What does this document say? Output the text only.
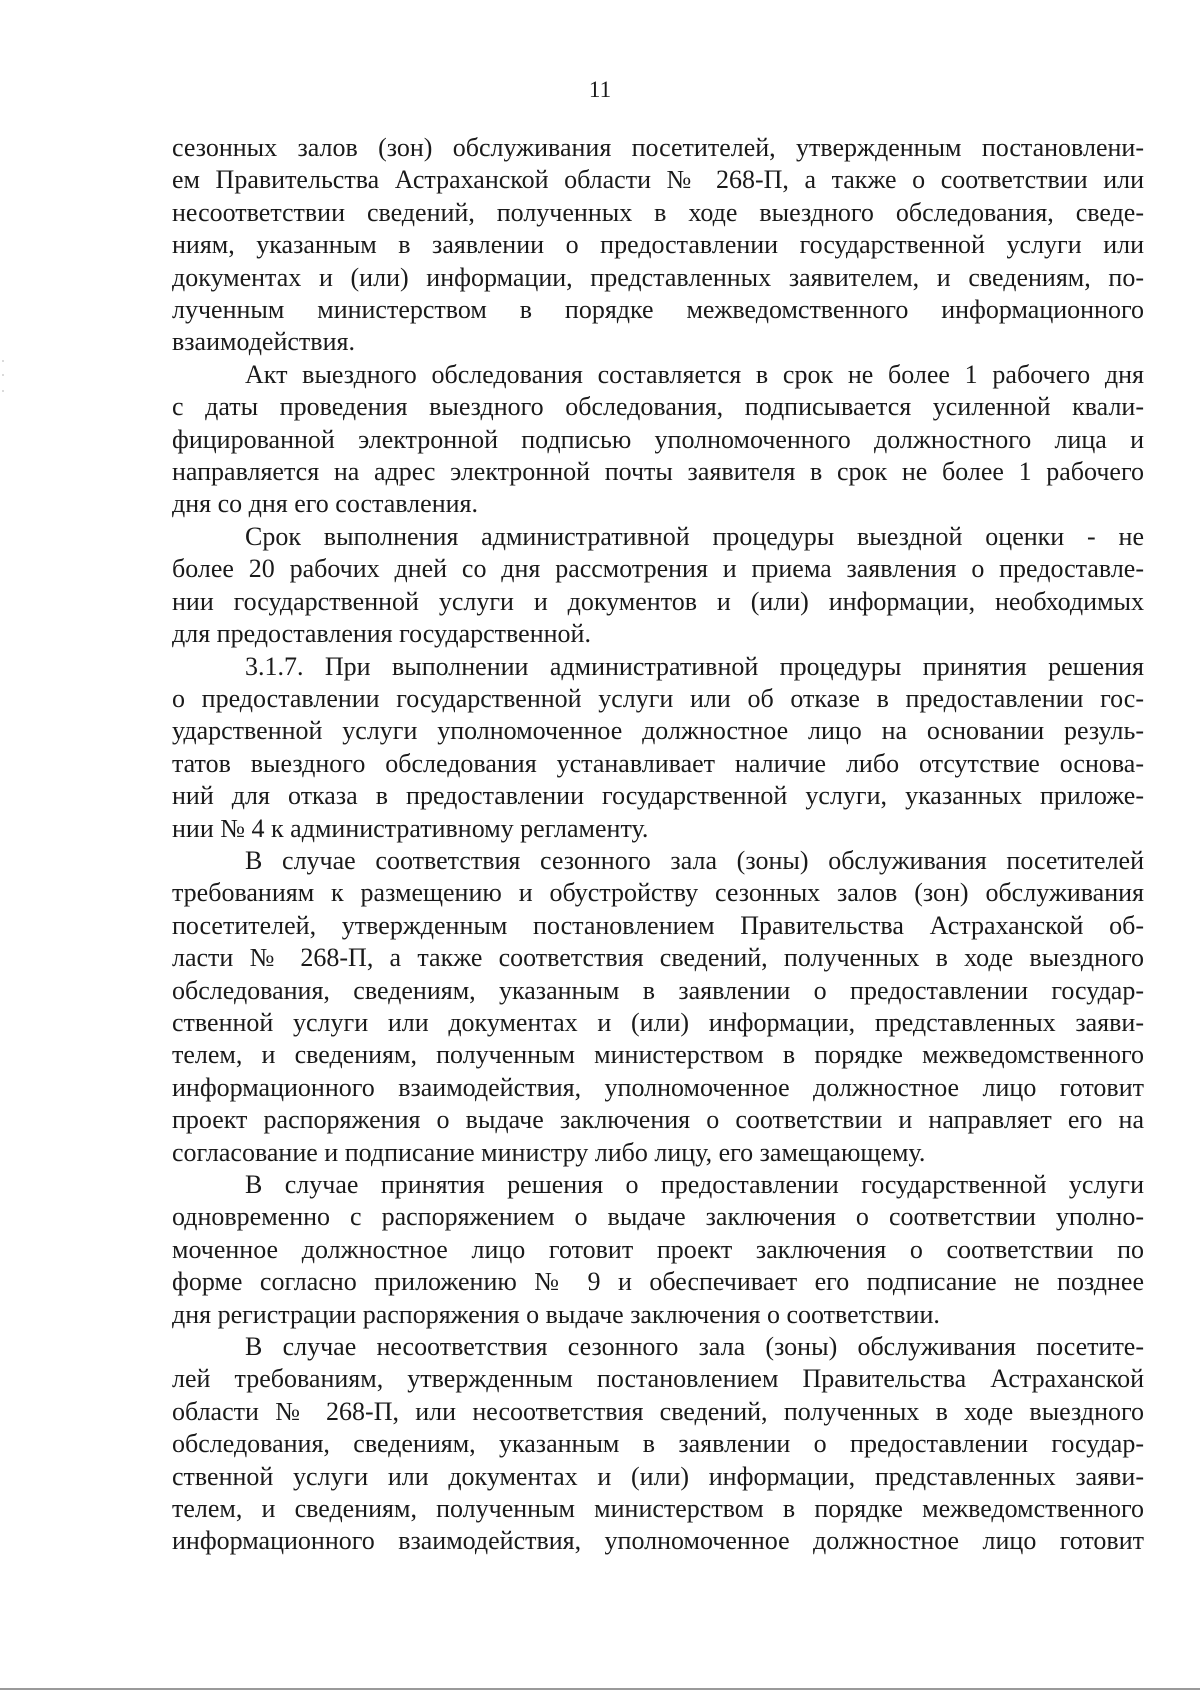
11
сезонных залов (зон) обслуживания посетителей, утвержденным постановлени-
ем Правительства Астраханской области № 268-П, а также о соответствии или
несоответствии сведений, полученных в ходе выездного обследования, сведе-
ниям, указанным в заявлении о предоставлении государственной услуги или
документах и (или) информации, представленных заявителем, и сведениям, по-
лученным министерством в порядке межведомственного информационного
взаимодействия.
Акт выездного обследования составляется в срок не более 1 рабочего дня
с даты проведения выездного обследования, подписывается усиленной квали-
фицированной электронной подписью уполномоченного должностного лица и
направляется на адрес электронной почты заявителя в срок не более 1 рабочего
дня со дня его составления.
Срок выполнения административной процедуры выездной оценки - не
более 20 рабочих дней со дня рассмотрения и приема заявления о предоставле-
нии государственной услуги и документов и (или) информации, необходимых
для предоставления государственной.
3.1.7. При выполнении административной процедуры принятия решения
о предоставлении государственной услуги или об отказе в предоставлении гос-
ударственной услуги уполномоченное должностное лицо на основании резуль-
татов выездного обследования устанавливает наличие либо отсутствие основа-
ний для отказа в предоставлении государственной услуги, указанных приложе-
нии № 4 к административному регламенту.
В случае соответствия сезонного зала (зоны) обслуживания посетителей
требованиям к размещению и обустройству сезонных залов (зон) обслуживания
посетителей, утвержденным постановлением Правительства Астраханской об-
ласти № 268-П, а также соответствия сведений, полученных в ходе выездного
обследования, сведениям, указанным в заявлении о предоставлении государ-
ственной услуги или документах и (или) информации, представленных заяви-
телем, и сведениям, полученным министерством в порядке межведомственного
информационного взаимодействия, уполномоченное должностное лицо готовит
проект распоряжения о выдаче заключения о соответствии и направляет его на
согласование и подписание министру либо лицу, его замещающему.
В случае принятия решения о предоставлении государственной услуги
одновременно с распоряжением о выдаче заключения о соответствии уполно-
моченное должностное лицо готовит проект заключения о соответствии по
форме согласно приложению № 9 и обеспечивает его подписание не позднее
дня регистрации распоряжения о выдаче заключения о соответствии.
В случае несоответствия сезонного зала (зоны) обслуживания посетите-
лей требованиям, утвержденным постановлением Правительства Астраханской
области № 268-П, или несоответствия сведений, полученных в ходе выездного
обследования, сведениям, указанным в заявлении о предоставлении государ-
ственной услуги или документах и (или) информации, представленных заяви-
телем, и сведениям, полученным министерством в порядке межведомственного
информационного взаимодействия, уполномоченное должностное лицо готовит
